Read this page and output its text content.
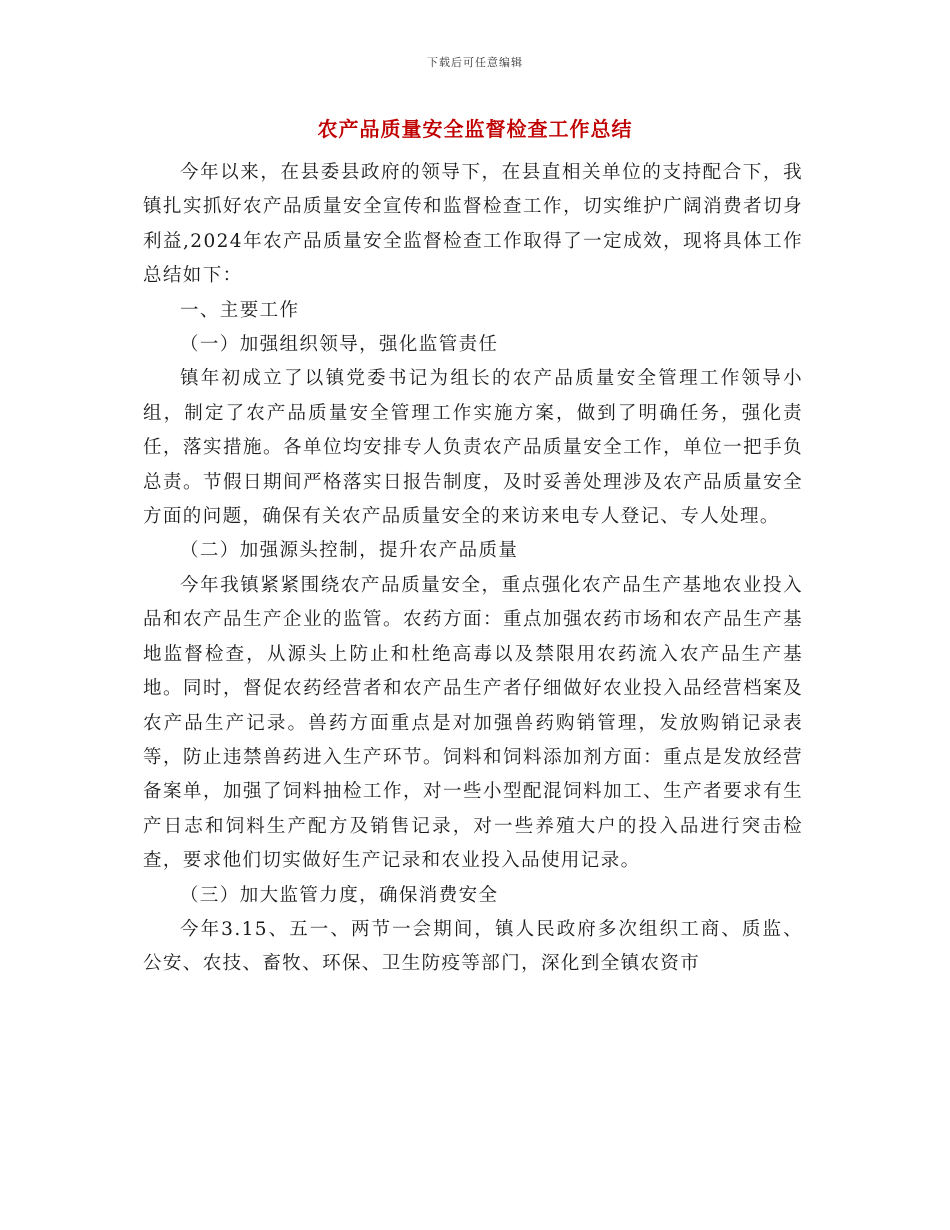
下载后可任意编辑
农产品质量安全监督检查工作总结

今年以来，在县委县政府的领导下，在县直相关单位的支持配合下，我镇扎实抓好农产品质量安全宣传和监督检查工作，切实维护广阔消费者切身利益,2024年农产品质量安全监督检查工作取得了一定成效，现将具体工作总结如下：

一、主要工作

（一）加强组织领导，强化监管责任

镇年初成立了以镇党委书记为组长的农产品质量安全管理工作领导小组，制定了农产品质量安全管理工作实施方案，做到了明确任务，强化责任，落实措施。各单位均安排专人负责农产品质量安全工作，单位一把手负总责。节假日期间严格落实日报告制度，及时妥善处理涉及农产品质量安全方面的问题，确保有关农产品质量安全的来访来电专人登记、专人处理。

（二）加强源头控制，提升农产品质量

今年我镇紧紧围绕农产品质量安全，重点强化农产品生产基地农业投入品和农产品生产企业的监管。农药方面：重点加强农药市场和农产品生产基地监督检查，从源头上防止和杜绝高毒以及禁限用农药流入农产品生产基地。同时，督促农药经营者和农产品生产者仔细做好农业投入品经营档案及农产品生产记录。兽药方面重点是对加强兽药购销管理，发放购销记录表等，防止违禁兽药进入生产环节。饲料和饲料添加剂方面：重点是发放经营备案单，加强了饲料抽检工作，对一些小型配混饲料加工、生产者要求有生产日志和饲料生产配方及销售记录，对一些养殖大户的投入品进行突击检查，要求他们切实做好生产记录和农业投入品使用记录。

（三）加大监管力度，确保消费安全

今年3.15、五一、两节一会期间，镇人民政府多次组织工商、质监、公安、农技、畜牧、环保、卫生防疫等部门，深化到全镇农资市
